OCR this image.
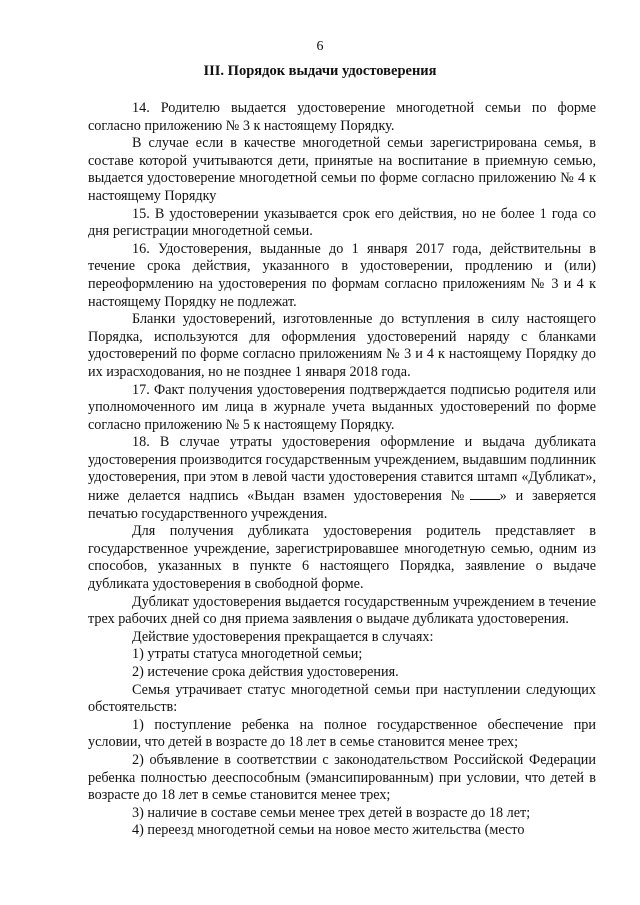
6
III. Порядок выдачи удостоверения

14. Родителю выдается удостоверение многодетной семьи по форме согласно приложению № 3 к настоящему Порядку.

В случае если в качестве многодетной семьи зарегистрирована семья, в составе которой учитываются дети, принятые на воспитание в приемную семью, выдается удостоверение многодетной семьи по форме согласно приложению № 4 к настоящему Порядку

15. В удостоверении указывается срок его действия, но не более 1 года со дня регистрации многодетной семьи.

16. Удостоверения, выданные до 1 января 2017 года, действительны в течение срока действия, указанного в удостоверении, продлению и (или) переоформлению на удостоверения по формам согласно приложениям № 3 и 4 к настоящему Порядку не подлежат.

Бланки удостоверений, изготовленные до вступления в силу настоящего Порядка, используются для оформления удостоверений наряду с бланками удостоверений по форме согласно приложениям № 3 и 4 к настоящему Порядку до их израсходования, но не позднее 1 января 2018 года.

17. Факт получения удостоверения подтверждается подписью родителя или уполномоченного им лица в журнале учета выданных удостоверений по форме согласно приложению № 5 к настоящему Порядку.

18. В случае утраты удостоверения оформление и выдача дубликата удостоверения производится государственным учреждением, выдавшим подлинник удостоверения, при этом в левой части удостоверения ставится штамп «Дубликат», ниже делается надпись «Выдан взамен удостоверения № » и заверяется печатью государственного учреждения.

Для получения дубликата удостоверения родитель представляет в государственное учреждение, зарегистрировавшее многодетную семью, одним из способов, указанных в пункте 6 настоящего Порядка, заявление о выдаче дубликата удостоверения в свободной форме.

Дубликат удостоверения выдается государственным учреждением в течение трех рабочих дней со дня приема заявления о выдаче дубликата удостоверения.

Действие удостоверения прекращается в случаях:

1) утраты статуса многодетной семьи;

2) истечение срока действия удостоверения.

Семья утрачивает статус многодетной семьи при наступлении следующих обстоятельств:

1) поступление ребенка на полное государственное обеспечение при условии, что детей в возрасте до 18 лет в семье становится менее трех;

2) объявление в соответствии с законодательством Российской Федерации ребенка полностью дееспособным (эмансипированным) при условии, что детей в возрасте до 18 лет в семье становится менее трех;

3) наличие в составе семьи менее трех детей в возрасте до 18 лет;

4) переезд многодетной семьи на новое место жительства (место
